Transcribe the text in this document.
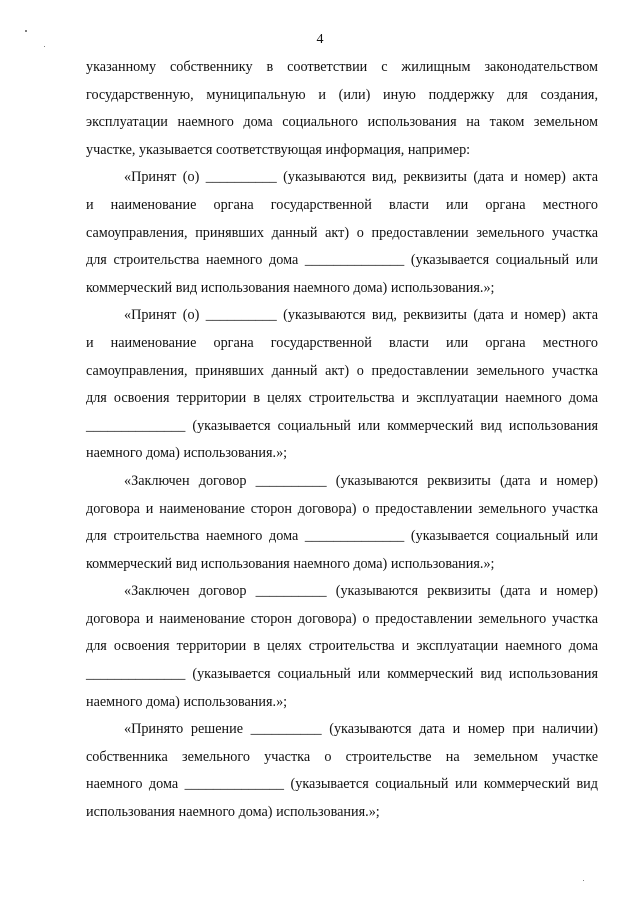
4
указанному собственнику в соответствии с жилищным законодательством
государственную, муниципальную и (или) иную поддержку для создания,
эксплуатации наемного дома социального использования на таком земельном
участке, указывается соответствующая информация, например:
«Принят (о) __________ (указываются вид, реквизиты (дата и номер) акта
и наименование органа государственной власти или органа местного
самоуправления, принявших данный акт) о предоставлении земельного участка
для строительства наемного дома ______________ (указывается социальный или
коммерческий вид использования наемного дома) использования.»;
«Принят (о) __________ (указываются вид, реквизиты (дата и номер) акта
и наименование органа государственной власти или органа местного
самоуправления, принявших данный акт) о предоставлении земельного участка
для освоения территории в целях строительства и эксплуатации наемного дома
______________ (указывается социальный или коммерческий вид использования
наемного дома) использования.»;
«Заключен договор __________ (указываются реквизиты (дата и номер)
договора и наименование сторон договора) о предоставлении земельного участка
для строительства наемного дома ______________ (указывается социальный или
коммерческий вид использования наемного дома) использования.»;
«Заключен договор __________ (указываются реквизиты (дата и номер)
договора и наименование сторон договора) о предоставлении земельного участка
для освоения территории в целях строительства и эксплуатации наемного дома
______________ (указывается социальный или коммерческий вид использования
наемного дома) использования.»;
«Принято решение __________ (указываются дата и номер при наличии)
собственника земельного участка о строительстве на земельном участке
наемного дома ______________ (указывается социальный или коммерческий вид
использования наемного дома) использования.»;
